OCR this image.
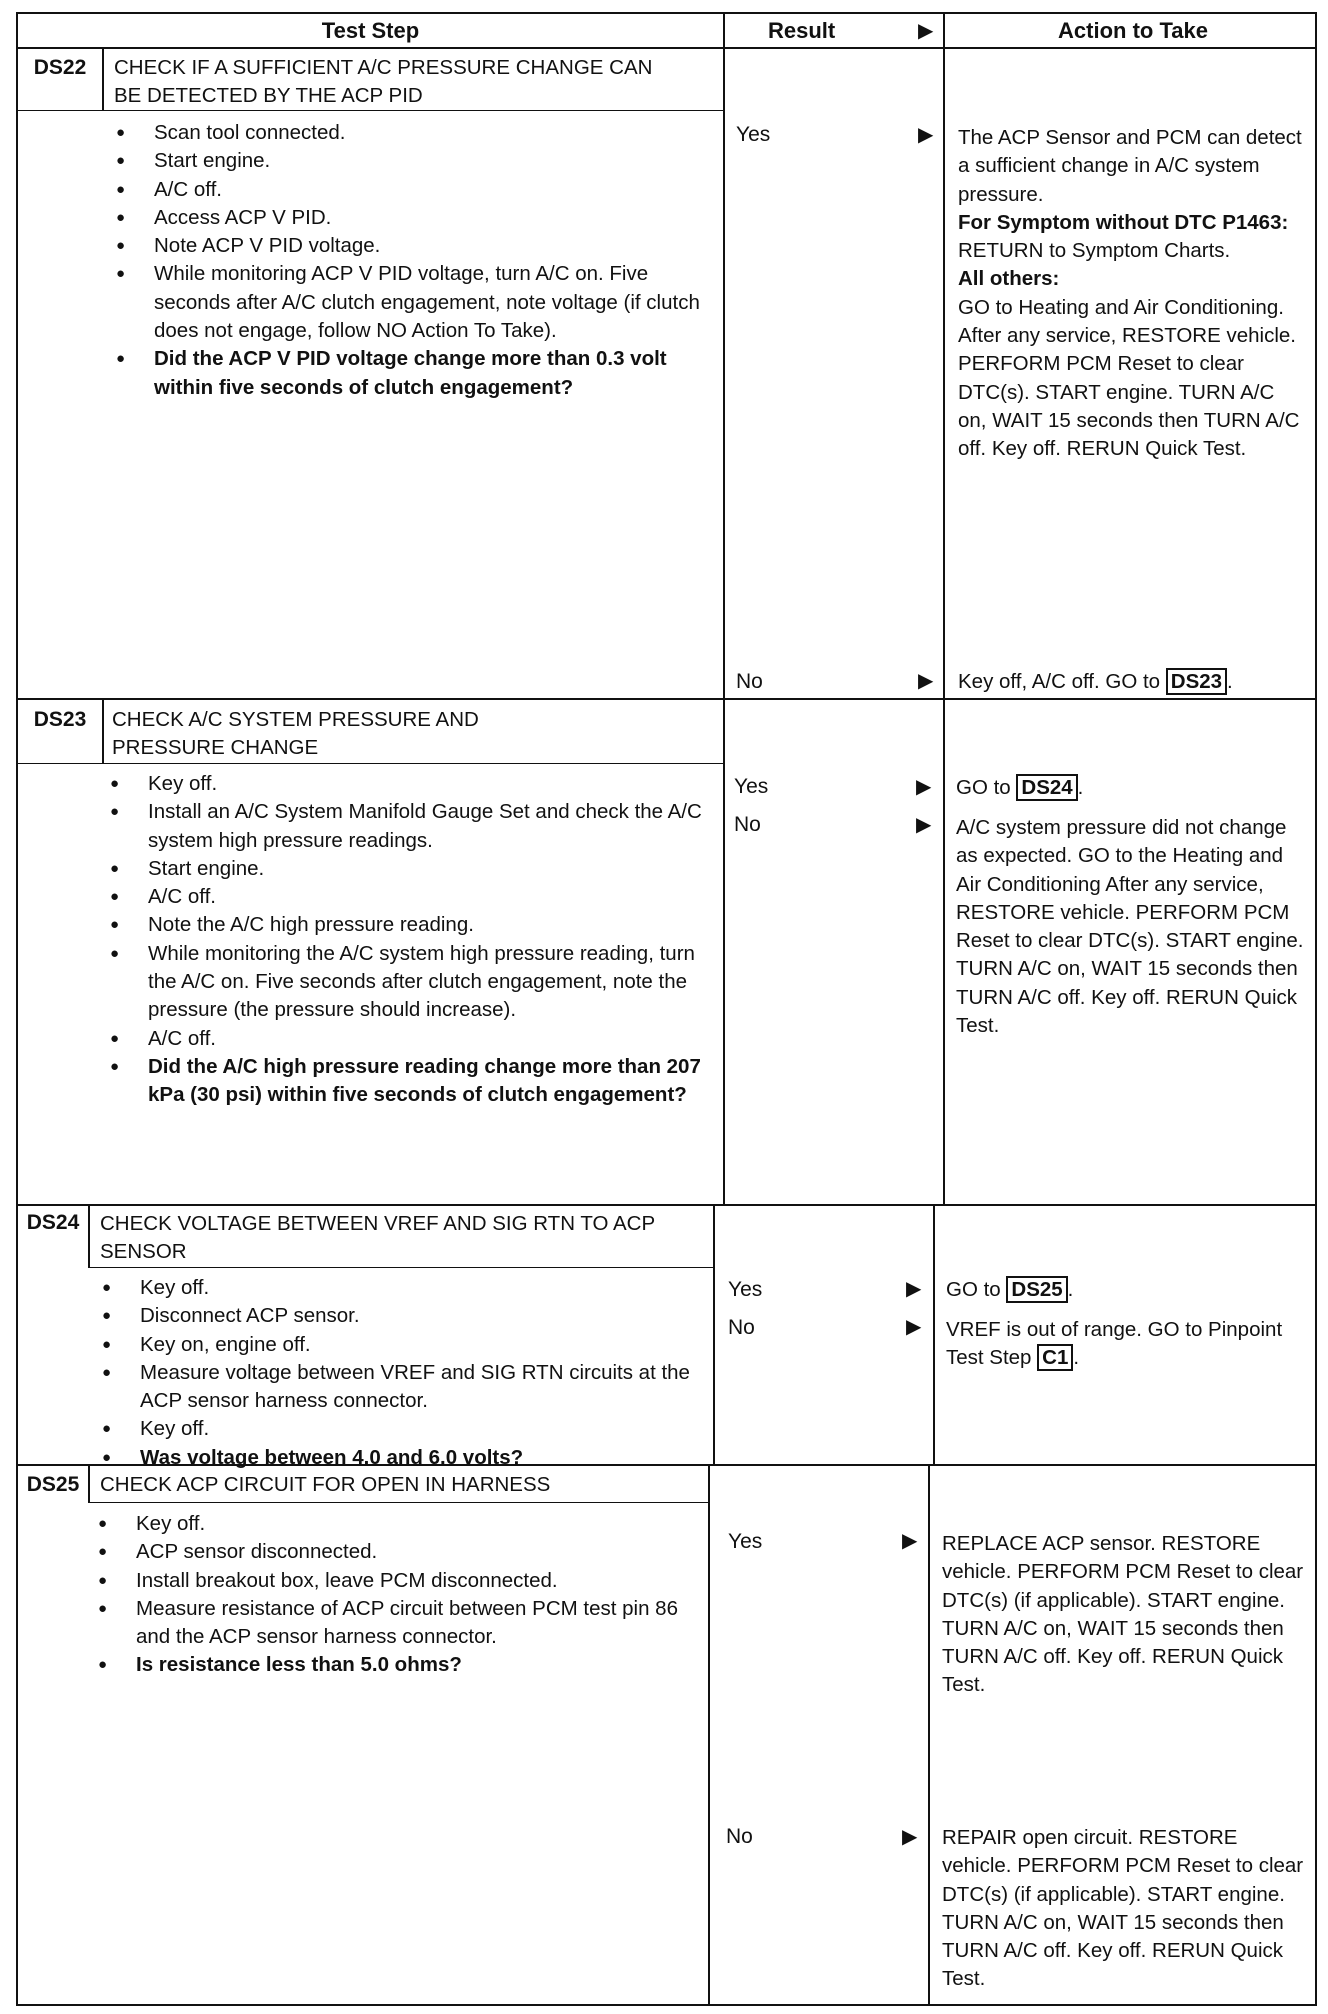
Test Step	Result	▶	Action to Take
DS22	CHECK IF A SUFFICIENT A/C PRESSURE CHANGE CAN BE DETECTED BY THE ACP PID
● Scan tool connected.
● Start engine.
● A/C off.
● Access ACP V PID.
● Note ACP V PID voltage.
● While monitoring ACP V PID voltage, turn A/C on. Five seconds after A/C clutch engagement, note voltage (if clutch does not engage, follow NO Action To Take).
● Did the ACP V PID voltage change more than 0.3 volt within five seconds of clutch engagement?
Yes	▶ The ACP Sensor and PCM can detect a sufficient change in A/C system pressure.

For Symptom without DTC P1463:

RETURN to Symptom Charts.

All others:

GO to Heating and Air Conditioning.

After any service, RESTORE vehicle. PERFORM PCM Reset to clear DTC(s). START engine. TURN A/C on, WAIT 15 seconds then TURN A/C off. Key off. RERUN Quick Test.

No	▶ Key off, A/C off. GO to DS23 .
DS23	CHECK A/C SYSTEM PRESSURE AND PRESSURE CHANGE
● Key off.
● Install an A/C System Manifold Gauge Set and check the A/C system high pressure readings.
● Start engine.
● A/C off.
● Note the A/C high pressure reading.
● While monitoring the A/C system high pressure reading, turn the A/C on. Five seconds after clutch engagement, note the pressure (the pressure should increase).
● A/C off.
● Did the A/C high pressure reading change more than 207 kPa (30 psi) within five seconds of clutch engagement?
Yes	▶ GO to DS24 .
No	▶ A/C system pressure did not change as expected. GO to the Heating and Air Conditioning After any service, RESTORE vehicle. PERFORM PCM Reset to clear DTC(s). START engine. TURN A/C on, WAIT 15 seconds then TURN A/C off. Key off. RERUN Quick Test.
DS24	CHECK VOLTAGE BETWEEN VREF AND SIG RTN TO ACP SENSOR
● Key off.
● Disconnect ACP sensor.
● Key on, engine off.
● Measure voltage between VREF and SIG RTN circuits at the ACP sensor harness connector.
● Key off.
● Was voltage between 4.0 and 6.0 volts?
Yes	▶ GO to DS25 .
No	▶ VREF is out of range. GO to Pinpoint Test Step C1 .
DS25	CHECK ACP CIRCUIT FOR OPEN IN HARNESS
● Key off.
● ACP sensor disconnected.
● Install breakout box, leave PCM disconnected.
● Measure resistance of ACP circuit between PCM test pin 86 and the ACP sensor harness connector.
● Is resistance less than 5.0 ohms?
Yes	▶ REPLACE ACP sensor. RESTORE vehicle. PERFORM PCM Reset to clear DTC(s) (if applicable). START engine. TURN A/C on, WAIT 15 seconds then TURN A/C off. Key off. RERUN Quick Test.
No	▶ REPAIR open circuit. RESTORE vehicle. PERFORM PCM Reset to clear DTC(s) (if applicable). START engine. TURN A/C on, WAIT 15 seconds then TURN A/C off. Key off. RERUN Quick Test.
